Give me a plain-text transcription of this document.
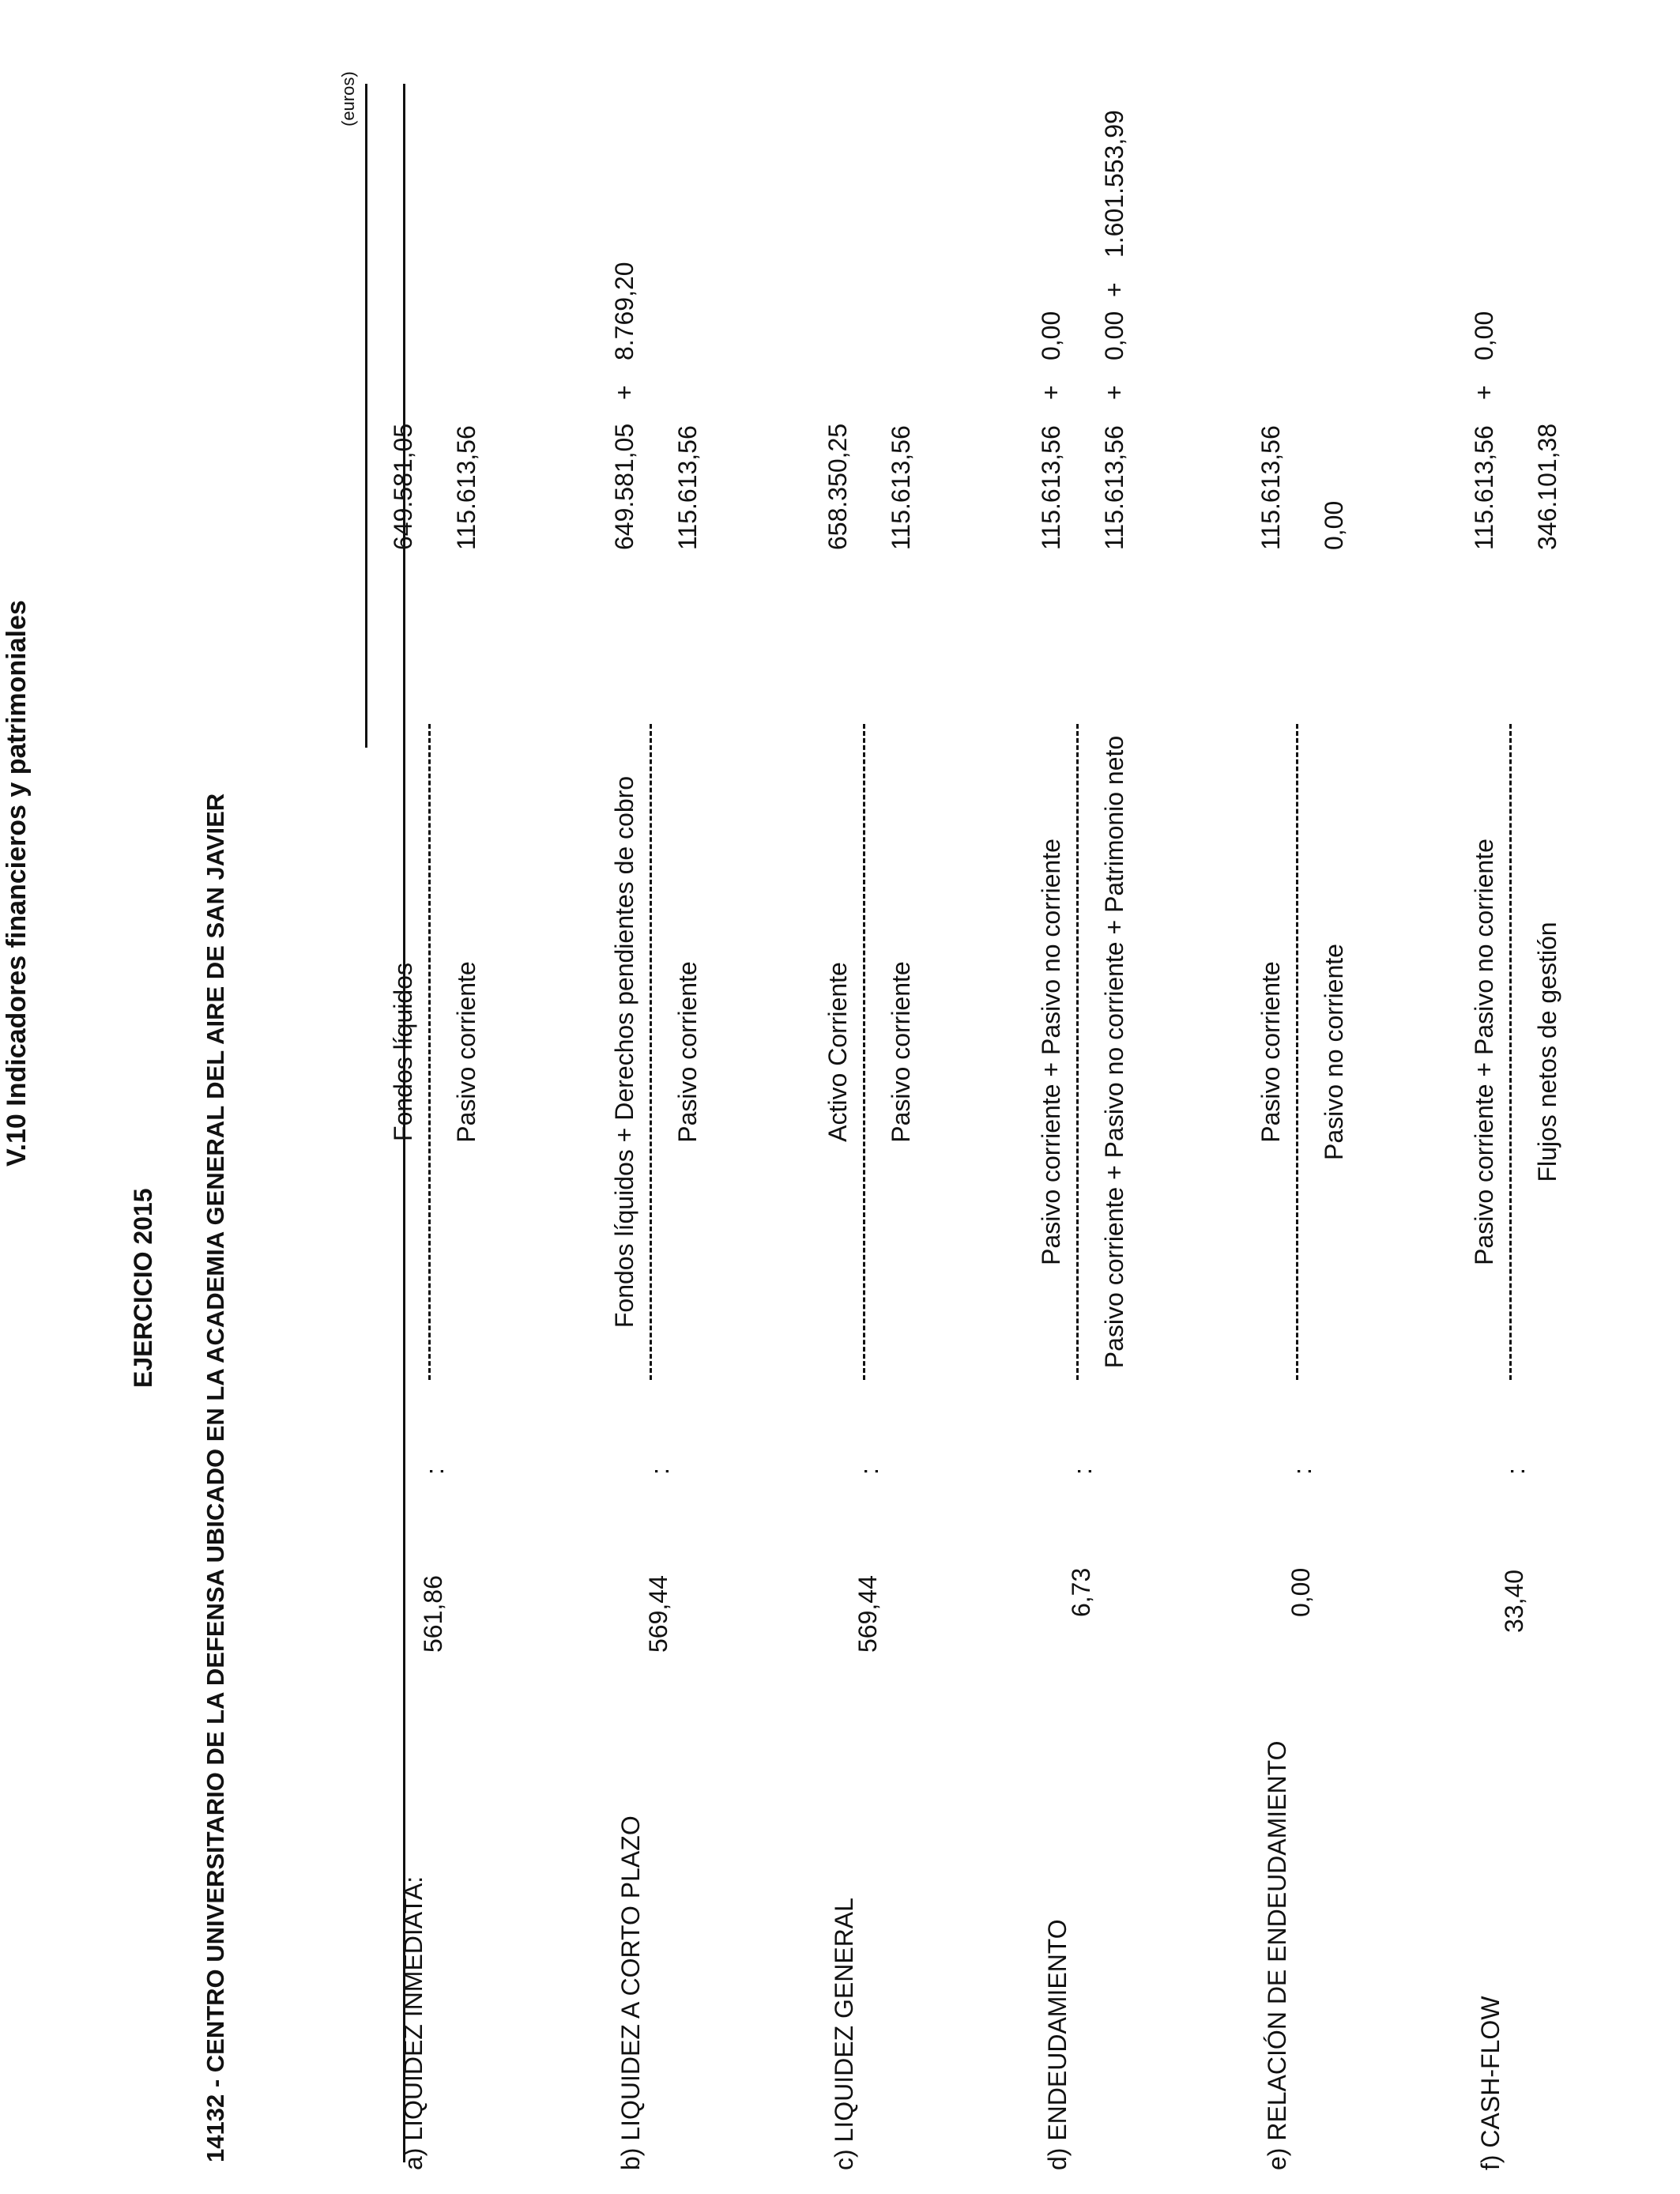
V.10 Indicadores financieros y patrimoniales
EJERCICIO 2015 14132 - CENTRO UNIVERSITARIO DE LA DEFENSA UBICADO EN LA ACADEMIA GENERAL DEL AIRE DE SAN JAVIER
(euros)
a) LIQUIDEZ INMEDIATA:
561,86
:
Fondos líquidos Pasivo corriente
649.581,05 115.613,56
b) LIQUIDEZ A CORTO PLAZO
569,44
:
Fondos líquidos + Derechos pendientes de cobro Pasivo corriente
649.581,05
+
8.769,20
115.613,56
c) LIQUIDEZ GENERAL
569,44
:
Activo Corriente Pasivo corriente
658.350,25 115.613,56
d) ENDEUDAMIENTO
6,73
:
Pasivo corriente + Pasivo no corriente Pasivo corriente + Pasivo no corriente + Patrimonio neto
115.613,56
+
0,00
115.613,56
+
0,00
+
1.601.553,99
e) RELACIÓN DE ENDEUDAMIENTO
0,00
:
Pasivo corriente Pasivo no corriente
115.613,56 0,00
f) CASH-FLOW
33,40
:
Pasivo corriente + Pasivo no corriente Flujos netos de gestión
115.613,56
+
0,00
346.101,38
